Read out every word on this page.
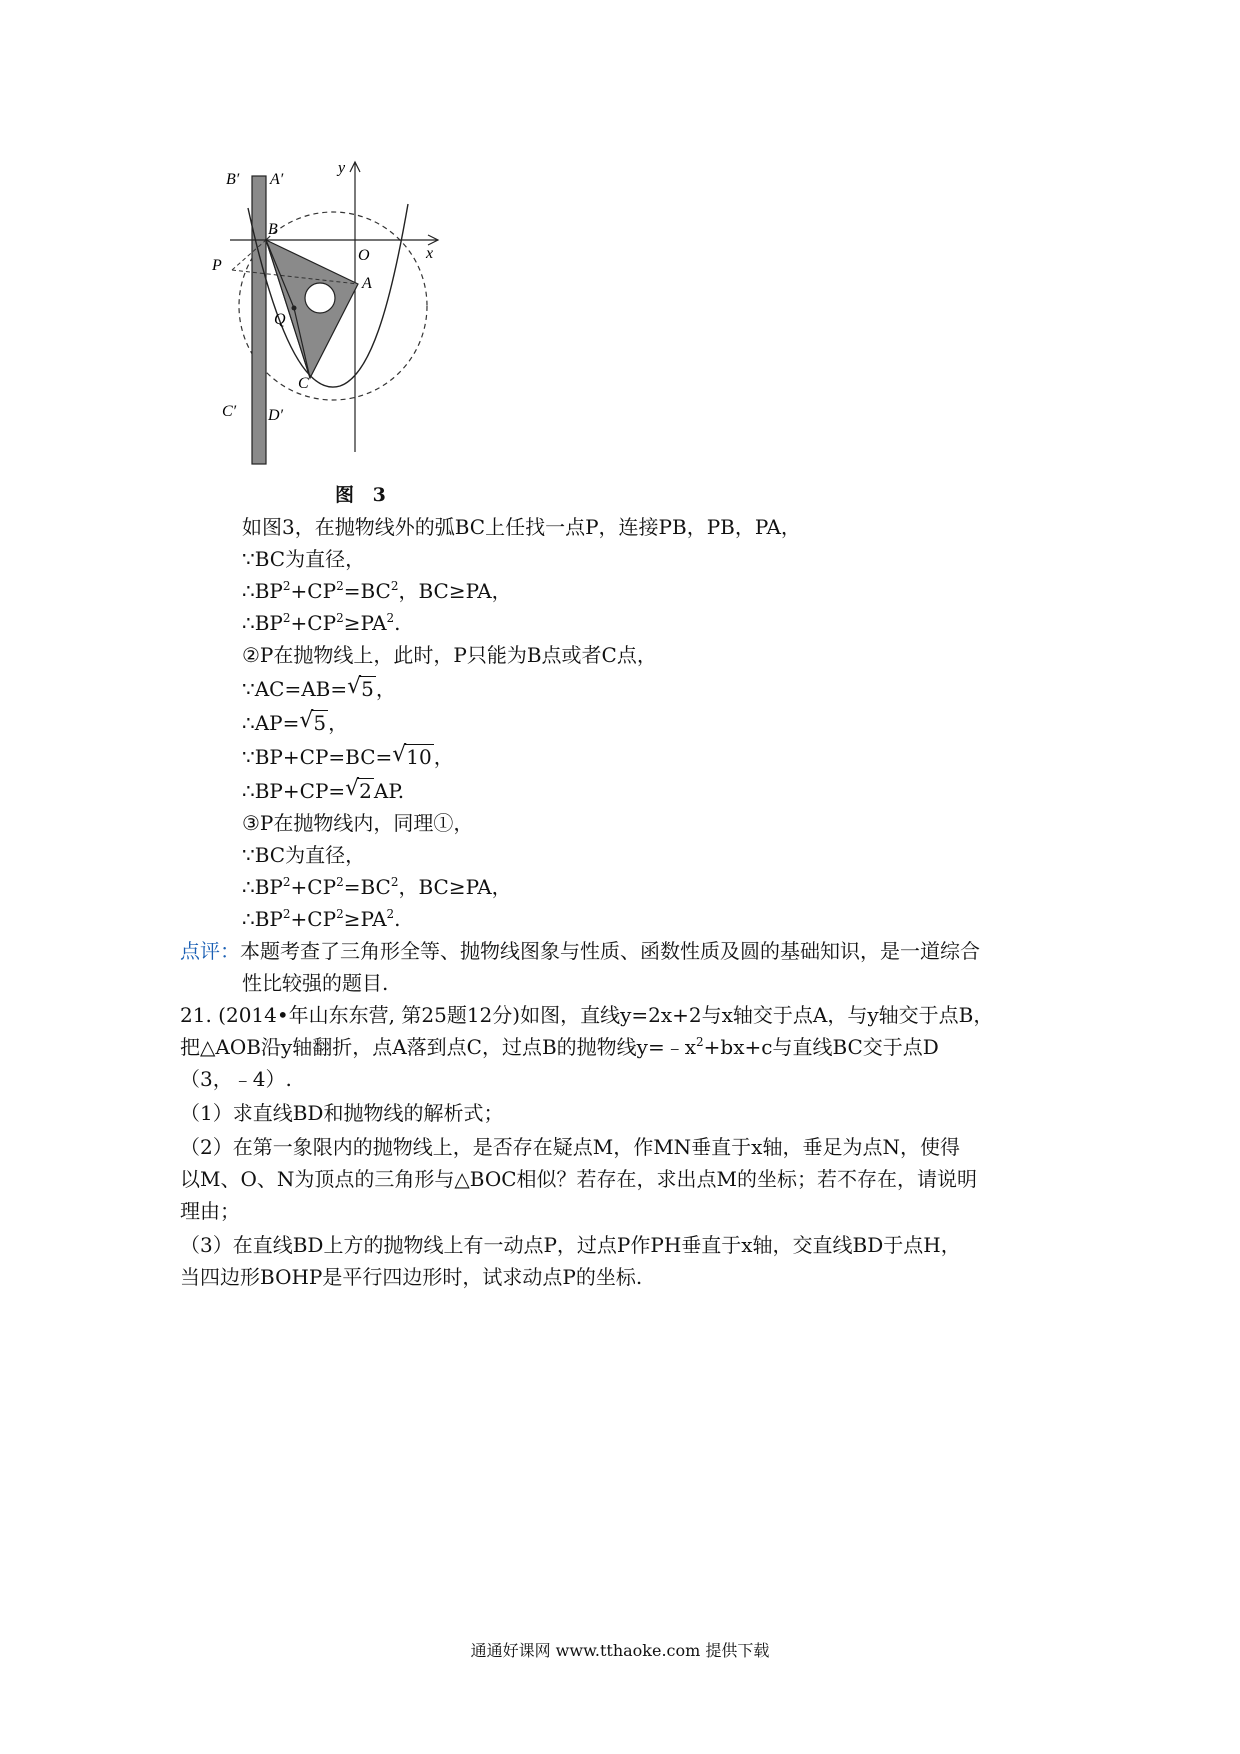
B′ A′
B
O	x
y
P
A
Q
C
C′ D′
图 3
如图3，在抛物线外的弧BC上任找一点P，连接PB，PB，PA，
∵BC为直径，
$\therefore BP^2+CP^2=BC^2$，BC≥PA，
$\therefore BP^2+CP^2\ge PA^2$.
②P在抛物线上，此时，P只能为B点或者C点，
∵AC=AB= √ 5 ，
∴AP= √ 5 ，
∵BP+CP=BC= √ 10 ，
∴BP+CP= √ 2 AP.
③P在抛物线内，同理①，
∵BC为直径，
$\therefore BP^2+CP^2=BC^2$，BC≥PA，
$\therefore BP^2+CP^2\ge PA^2$.
点评：本题考查了三角形全等、抛物线图象与性质、函数性质及圆的基础知识，是一道综合
性比较强的题目.
21. (2014•年山东东营, 第25题12分)如图，直线y=2x+2与x轴交于点A，与y轴交于点B，
把△AOB沿y轴翻折，点A落到点C，过点B的抛物线$y=﹣x^2+bx+c$与直线BC交于点D
（3，﹣4）.
（1）求直线BD和抛物线的解析式；
（2）在第一象限内的抛物线上，是否存在疑点M，作MN垂直于x轴，垂足为点N，使得
以M、O、N为顶点的三角形与△BOC相似？若存在，求出点M的坐标；若不存在，请说明
理由；
（3）在直线BD上方的抛物线上有一动点P，过点P作PH垂直于x轴，交直线BD于点H，
当四边形BOHP是平行四边形时，试求动点P的坐标.
通通好课网 www.tthaoke.com 提供下载
